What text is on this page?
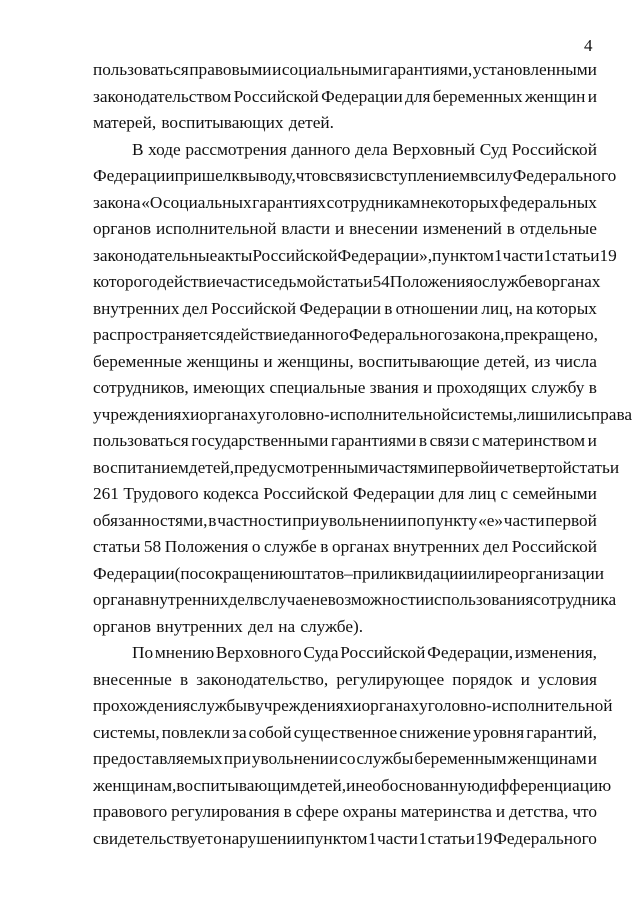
4

пользоваться правовыми и социальными гарантиями, установленными
законодательством Российской Федерации для беременных женщин и
матерей, воспитывающих детей.

В ходе рассмотрения данного дела Верховный Суд Российской
Федерации пришел к выводу, что в связи с вступлением в силу Федерального
закона «О социальных гарантиях сотрудникам некоторых федеральных
органов исполнительной власти и внесении изменений в отдельные
законодательные акты Российской Федерации», пунктом 1 части 1 статьи 19
которого действие части седьмой статьи 54 Положения о службе в органах
внутренних дел Российской Федерации в отношении лиц, на которых
распространяется действие данного Федерального закона, прекращено,
беременные женщины и женщины, воспитывающие детей, из числа
сотрудников, имеющих специальные звания и проходящих службу в
учреждениях и органах уголовно-исполнительной системы, лишились права
пользоваться государственными гарантиями в связи с материнством и
воспитанием детей, предусмотренными частями первой и четвертой статьи
261 Трудового кодекса Российской Федерации для лиц с семейными
обязанностями, в частности при увольнении по пункту «е» части первой
статьи 58 Положения о службе в органах внутренних дел Российской
Федерации (по сокращению штатов – при ликвидации или реорганизации
органа внутренних дел в случае невозможности использования сотрудника
органов внутренних дел на службе).

По мнению Верховного Суда Российской Федерации, изменения,
внесенные в законодательство, регулирующее порядок и условия
прохождения службы в учреждениях и органах уголовно-исполнительной
системы, повлекли за собой существенное снижение уровня гарантий,
предоставляемых при увольнении со службы беременным женщинам и
женщинам, воспитывающим детей, и необоснованную дифференциацию
правового регулирования в сфере охраны материнства и детства, что
свидетельствует о нарушении пунктом 1 части 1 статьи 19 Федерального
